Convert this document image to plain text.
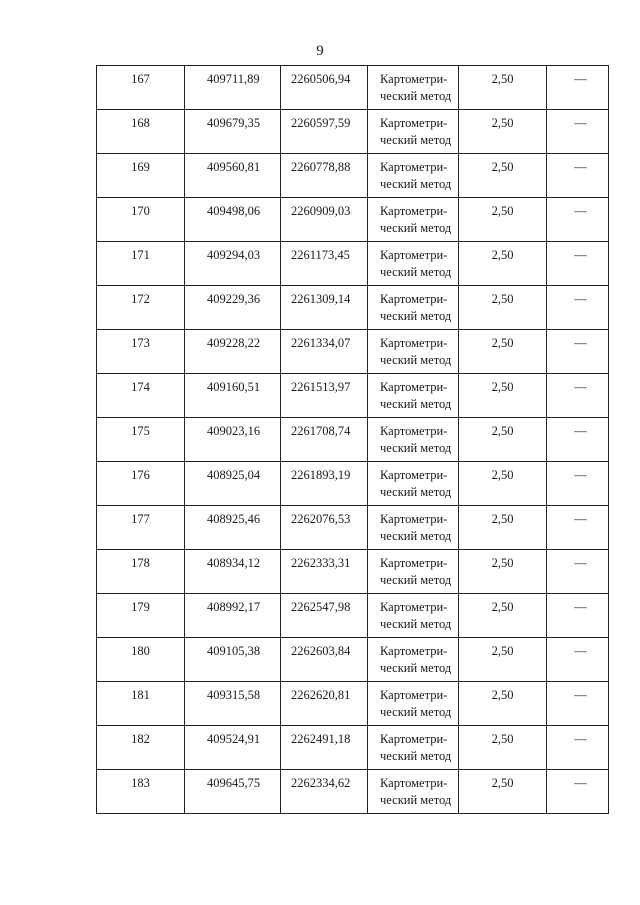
9
167	409711,89	2260506,94	Картометри-
ческий метод	2,50	—

168	409679,35	2260597,59	Картометри-
ческий метод	2,50	—

169	409560,81	2260778,88	Картометри-
ческий метод	2,50	—

170	409498,06	2260909,03	Картометри-
ческий метод	2,50	—

171	409294,03	2261173,45	Картометри-
ческий метод	2,50	—

172	409229,36	2261309,14	Картометри-
ческий метод	2,50	—

173	409228,22	2261334,07	Картометри-
ческий метод	2,50	—

174	409160,51	2261513,97	Картометри-
ческий метод	2,50	—

175	409023,16	2261708,74	Картометри-
ческий метод	2,50	—

176	408925,04	2261893,19	Картометри-
ческий метод	2,50	—

177	408925,46	2262076,53	Картометри-
ческий метод	2,50	—

178	408934,12	2262333,31	Картометри-
ческий метод	2,50	—

179	408992,17	2262547,98	Картометри-
ческий метод	2,50	—

180	409105,38	2262603,84	Картометри-
ческий метод	2,50	—

181	409315,58	2262620,81	Картометри-
ческий метод	2,50	—

182	409524,91	2262491,18	Картометри-
ческий метод	2,50	—

183	409645,75	2262334,62	Картометри-
ческий метод	2,50	—
